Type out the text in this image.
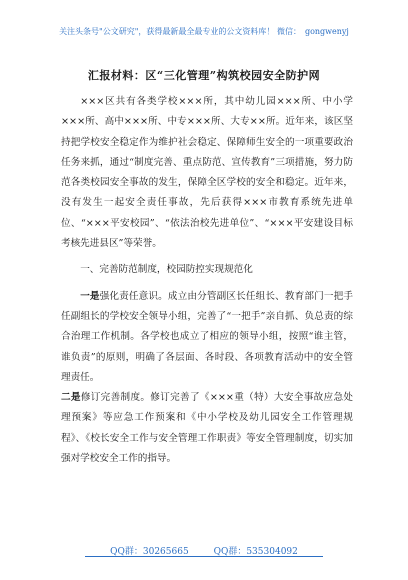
关注头条号"公文研究"，获得最新最全最专业的公文资料库！ 微信： gongwenyj
汇报材料：区“三化管理”构筑校园安全防护网

×××区共有各类学校×××所，其中幼儿园×××所、中小学×××所、高中×××所、中专×××所、大专××所。近年来，该区坚持把学校安全稳定作为维护社会稳定、保障师生安全的一项重要政治任务来抓，通过“制度完善、重点防范、宣传教育”三项措施，努力防范各类校园安全事故的发生，保障全区学校的安全和稳定。近年来，没有发生一起安全责任事故，先后获得×××市教育系统先进单位、“×××平安校园”、“依法治校先进单位”、“×××平安建设目标考核先进县区”等荣誉。

一、完善防范制度，校园防控实现规范化

一是强化责任意识。成立由分管副区长任组长、教育部门一把手任副组长的学校安全领导小组，完善了“一把手”亲自抓、负总责的综合治理工作机制。各学校也成立了相应的领导小组，按照“谁主管，谁负责”的原则，明确了各层面、各时段、各项教育活动中的安全管理责任。

二是修订完善制度。修订完善了《×××重（特）大安全事故应急处理预案》等应急工作预案和《中小学校及幼儿园安全工作管理规程》、《校长安全工作与安全管理工作职责》等安全管理制度，切实加强对学校安全工作的指导。

QQ群：30265665	QQ群：535304092
